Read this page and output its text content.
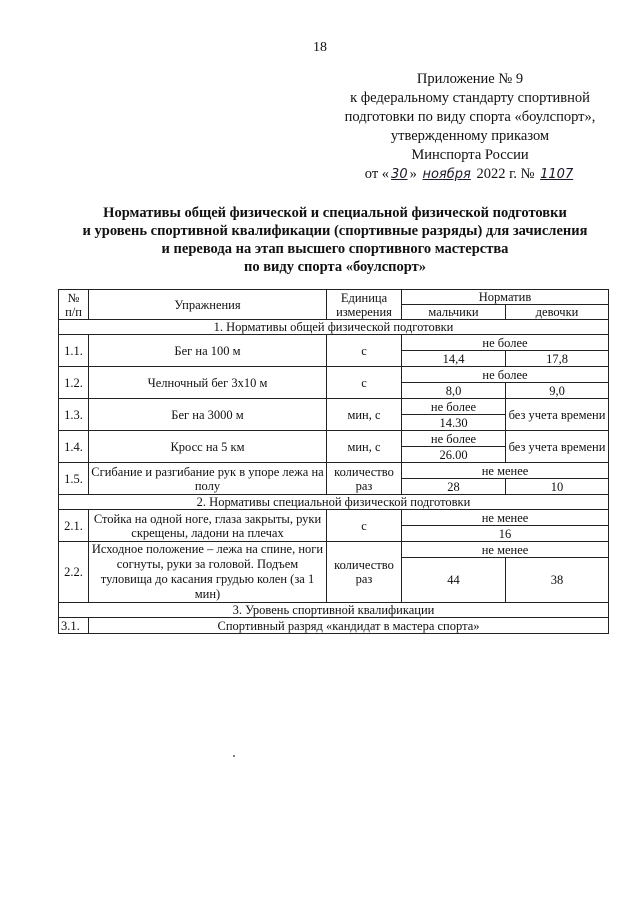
18
Приложение № 9
к федеральному стандарту спортивной
подготовки по виду спорта «боулспорт»,
утвержденному приказом
Минспорта России
от « 30 » ноября 2022 г. № 1107
Нормативы общей физической и специальной физической подготовки
и уровень спортивной квалификации (спортивные разряды) для зачисления
и перевода на этап высшего спортивного мастерства
по виду спорта «боулспорт»
№ п/п	Упражнения	Единица измерения	Норматив	
			мальчики	девочки
1. Нормативы общей физической подготовки				
1.1.	Бег на 100 м	с	не более	
			14,4	17,8
1.2.	Челночный бег 3х10 м	с	не более	
			8,0	9,0
1.3.	Бег на 3000 м	мин, с	не более	без учета времени
			14.30	
1.4.	Кросс на 5 км	мин, с	не более	без учета времени
			26.00	
1.5.	Сгибание и разгибание рук в упоре лежа на полу	количество раз	не менее	
			28	10
2. Нормативы специальной физической подготовки				
2.1.	Стойка на одной ноге, глаза закрыты, руки скрещены, ладони на плечах	с	не менее	
			16	
2.2.	Исходное положение – лежа на спине, ноги согнуты, руки за головой. Подъем туловища до касания грудью колен (за 1 мин)	количество раз	не менее	
			44	38
3. Уровень спортивной квалификации				
3.1.	Спортивный разряд «кандидат в мастера спорта»			
